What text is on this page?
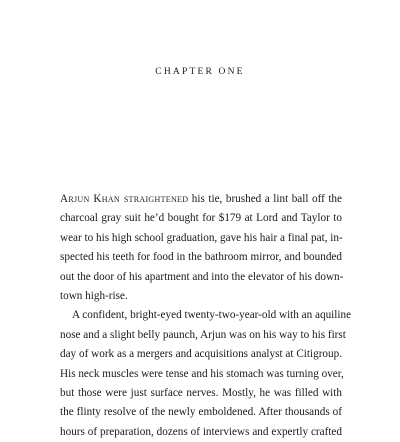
CHAPTER ONE
Arjun Khan straightened his tie, brushed a lint ball off the
charcoal gray suit he’d bought for $179 at Lord and Taylor to
wear to his high school graduation, gave his hair a final pat, in-
spected his teeth for food in the bathroom mirror, and bounded
out the door of his apartment and into the elevator of his down-
town high-rise.
A confident, bright-eyed twenty-two-year-old with an aquiline
nose and a slight belly paunch, Arjun was on his way to his first
day of work as a mergers and acquisitions analyst at Citigroup.
His neck muscles were tense and his stomach was turning over,
but those were just surface nerves. Mostly, he was filled with
the flinty resolve of the newly emboldened. After thousands of
hours of preparation, dozens of interviews and expertly crafted
